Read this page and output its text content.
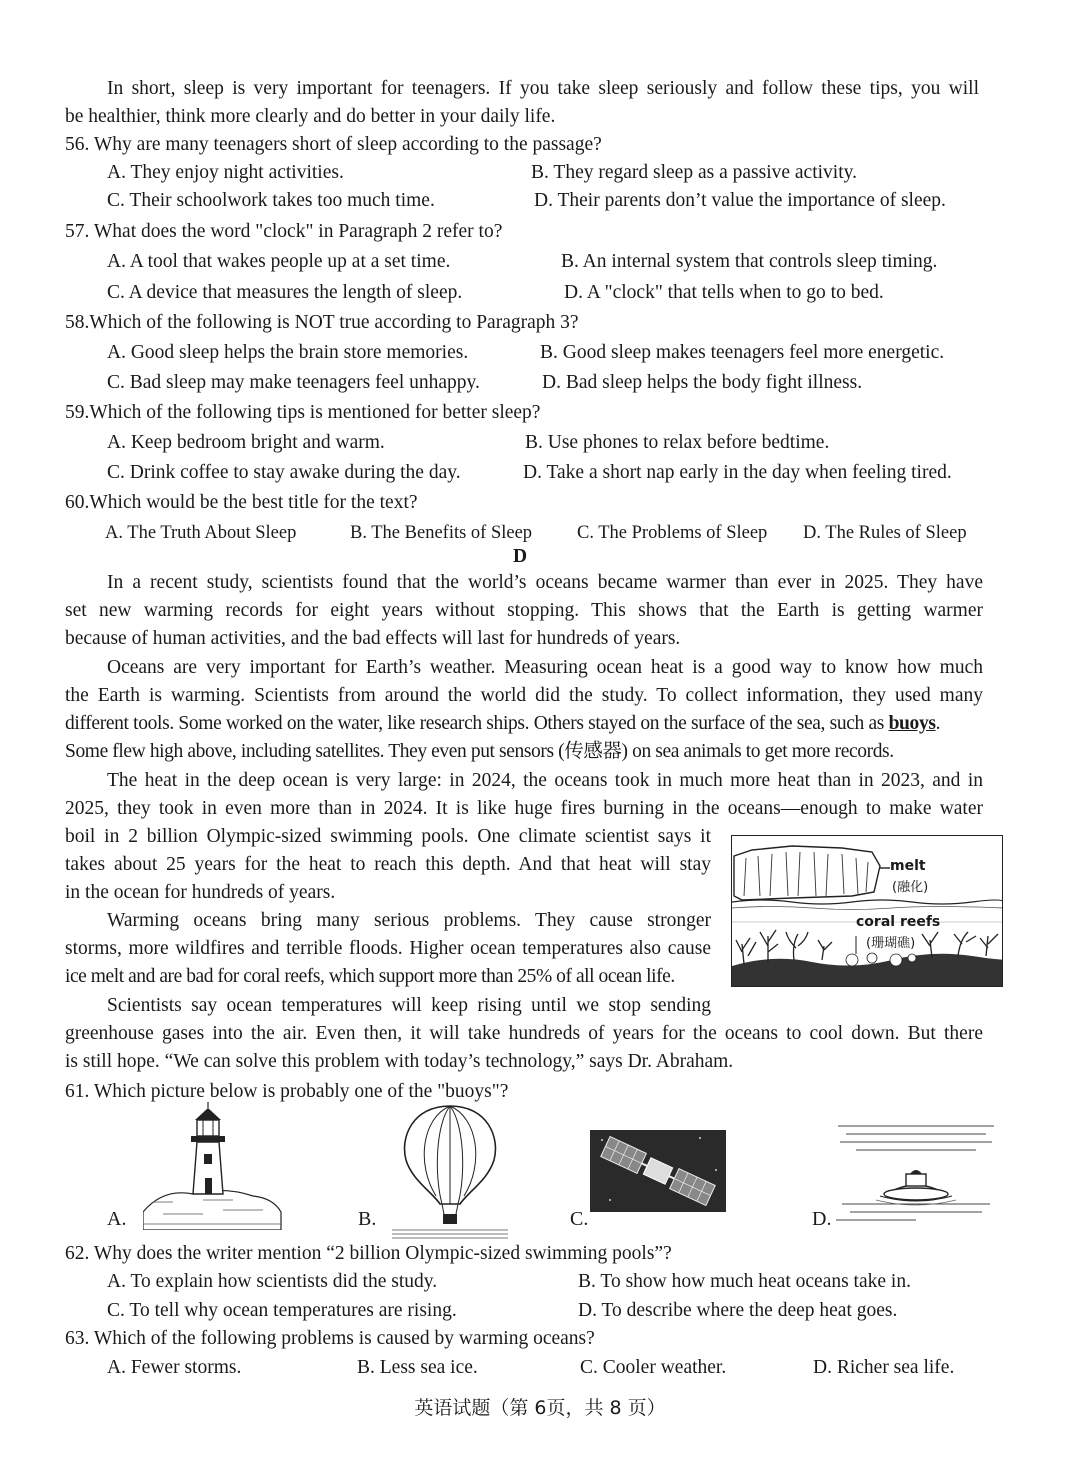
In short, sleep is very important for teenagers. If you take sleep seriously and follow these tips, you will
be healthier, think more clearly and do better in your daily life.
56. Why are many teenagers short of sleep according to the passage?
A. They enjoy night activities.	B. They regard sleep as a passive activity.
C. Their schoolwork takes too much time.	D. Their parents don’t value the importance of sleep.
57. What does the word "clock" in Paragraph 2 refer to?
A. A tool that wakes people up at a set time.	B. An internal system that controls sleep timing.
C. A device that measures the length of sleep.	D. A "clock" that tells when to go to bed.
58.Which of the following is NOT true according to Paragraph 3?
A. Good sleep helps the brain store memories.	B. Good sleep makes teenagers feel more energetic.
C. Bad sleep may make teenagers feel unhappy.	D. Bad sleep helps the body fight illness.
59.Which of the following tips is mentioned for better sleep?
A. Keep bedroom bright and warm.	B. Use phones to relax before bedtime.
C. Drink coffee to stay awake during the day.	D. Take a short nap early in the day when feeling tired.
60.Which would be the best title for the text?
A. The Truth About Sleep	B. The Benefits of Sleep C. The Problems of Sleep D. The Rules of Sleep
D
In a recent study, scientists found that the world’s oceans became warmer than ever in 2025. They have
set new warming records for eight years without stopping. This shows that the Earth is getting warmer
because of human activities, and the bad effects will last for hundreds of years.
Oceans are very important for Earth’s weather. Measuring ocean heat is a good way to know how much
the Earth is warming. Scientists from around the world did the study. To collect information, they used many
different tools. Some worked on the water, like research ships. Others stayed on the surface of the sea, such as buoys.
Some flew high above, including satellites. They even put sensors (传感器) on sea animals to get more records.
The heat in the deep ocean is very large: in 2024, the oceans took in much more heat than in 2023, and in
2025, they took in even more than in 2024. It is like huge fires burning in the oceans—enough to make water
boil in 2 billion Olympic-sized swimming pools. One climate scientist says it
takes about 25 years for the heat to reach this depth. And that heat will stay
in the ocean for hundreds of years.
Warming oceans bring many serious problems. They cause stronger
storms, more wildfires and terrible floods. Higher ocean temperatures also cause
ice melt and are bad for coral reefs, which support more than 25% of all ocean life.
Scientists say ocean temperatures will keep rising until we stop sending
greenhouse gases into the air. Even then, it will take hundreds of years for the oceans to cool down. But there
is still hope. “We can solve this problem with today’s technology,” says Dr. Abraham.
melt
(融化)
coral reefs
(珊瑚礁)
61. Which picture below is probably one of the "buoys"?
A.	B.	C.	D.
62. Why does the writer mention “2 billion Olympic-sized swimming pools”?
A. To explain how scientists did the study.	B. To show how much heat oceans take in.
C. To tell why ocean temperatures are rising.	D. To describe where the deep heat goes.
63. Which of the following problems is caused by warming oceans?
A. Fewer storms.	B. Less sea ice.	C. Cooler weather.	D. Richer sea life.
英语试题（第 6页，共 8 页）
